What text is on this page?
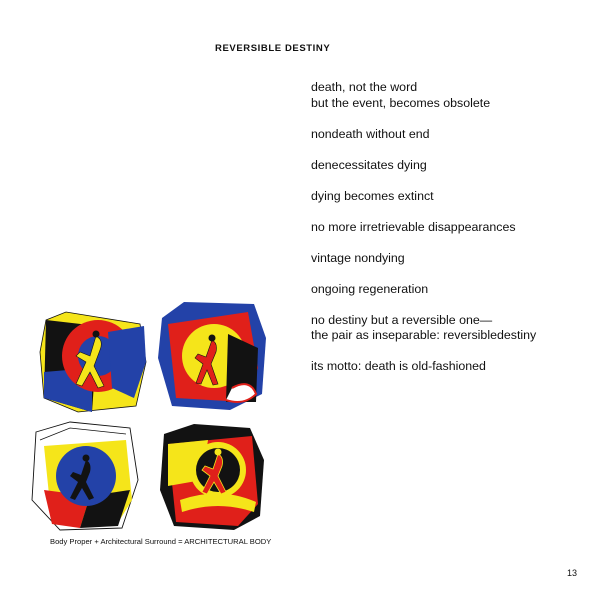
REVERSIBLE DESTINY
death, not the word
but the event, becomes obsolete
nondeath without end
denecessitates dying
dying becomes extinct
no more irretrievable disappearances
vintage nondying
ongoing regeneration
no destiny but a reversible one—
the pair as inseparable: reversibledestiny
its motto: death is old-fashioned
Body Proper + Architectural Surround = ARCHITECTURAL BODY
13
